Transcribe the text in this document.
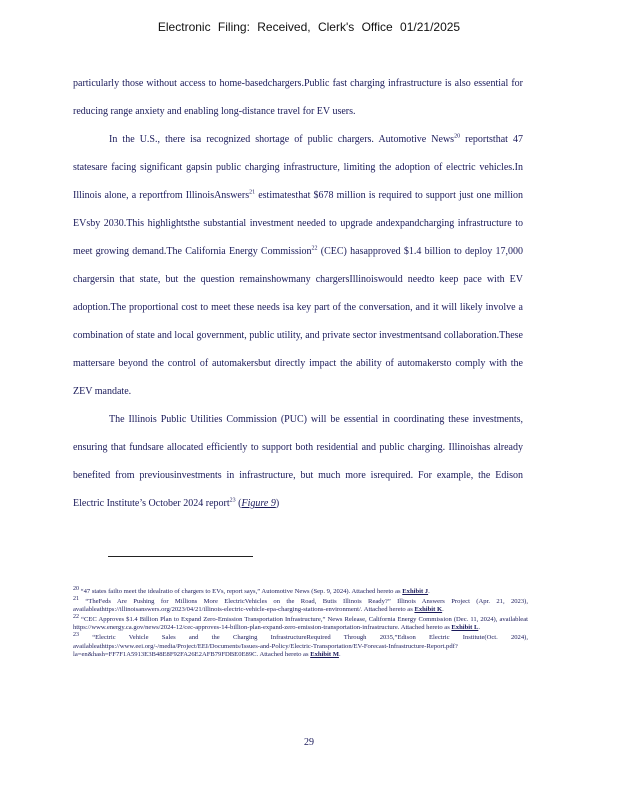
Electronic Filing: Received, Clerk's Office 01/21/2025

particularly those without access to home-basedchargers.Public fast charging infrastructure is also essential for reducing range anxiety and enabling long-distance travel for EV users.

In the U.S., there isa recognized shortage of public chargers. Automotive News$^{20}$ reportsthat 47 statesare facing significant gapsin public charging infrastructure, limiting the adoption of electric vehicles.In Illinois alone, a reportfrom IllinoisAnswers$^{21}$ estimatesthat $678 million is required to support just one million EVsby 2030.This highlightsthe substantial investment needed to upgrade andexpandcharging infrastructure to meet growing demand.The California Energy Commission$^{22}$ (CEC) hasapproved $1.4 billion to deploy 17,000 chargersin that state, but the question remainshowmany chargersIllinoiswould needto keep pace with EV adoption.The proportional cost to meet these needs isa key part of the conversation, and it will likely involve a combination of state and local government, public utility, and private sector investmentsand collaboration.These mattersare beyond the control of automakersbut directly impact the ability of automakersto comply with the ZEV mandate.

The Illinois Public Utilities Commission (PUC) will be essential in coordinating these investments, ensuring that fundsare allocated efficiently to support both residential and public charging. Illinoishas already benefited from previousinvestments in infrastructure, but much more isrequired. For example, the Edison Electric Institute’s October 2024 report$^{23}$ (Figure 9)

$^{20}$ “47 states failto meet the idealratio of chargers to EVs, report says,” Automotive News (Sep. 9, 2024). Attached hereto as Exhibit J.

$^{21}$ “TheFeds Are Pushing for Millions More ElectricVehicles on the Road, Butis Illinois Ready?” Illinois Answers Project (Apr. 21, 2023), availableathttps://illinoisanswers.org/2023/04/21/illinois-electric-vehicle-epa-charging-stations-environment/. Attached hereto as Exhibit K.

$^{22}$ “CEC Approves $1.4 Billion Plan to Expand Zero-Emission Transportation Infrastructure,” News Release, California Energy Commission (Dec. 11, 2024), availableat https://www.energy.ca.gov/news/2024-12/cec-approves-14-billion-plan-expand-zero-emission-transportation-infrastructure. Attached hereto as Exhibit L.

$^{23}$ “Electric Vehicle Sales and the Charging InfrastructureRequired Through 2035,”Edison Electric Institute(Oct. 2024), availableathttps://www.eei.org/-/media/Project/EEI/Documents/Issues-and-Policy/Electric-Transportation/EV-Forecast-Infrastructure-Report.pdf?la=en&hash=FF7F1A5913E3B48E8F92FA26E2AFB79FDBE0E89C. Attached hereto as Exhibit M.

29
